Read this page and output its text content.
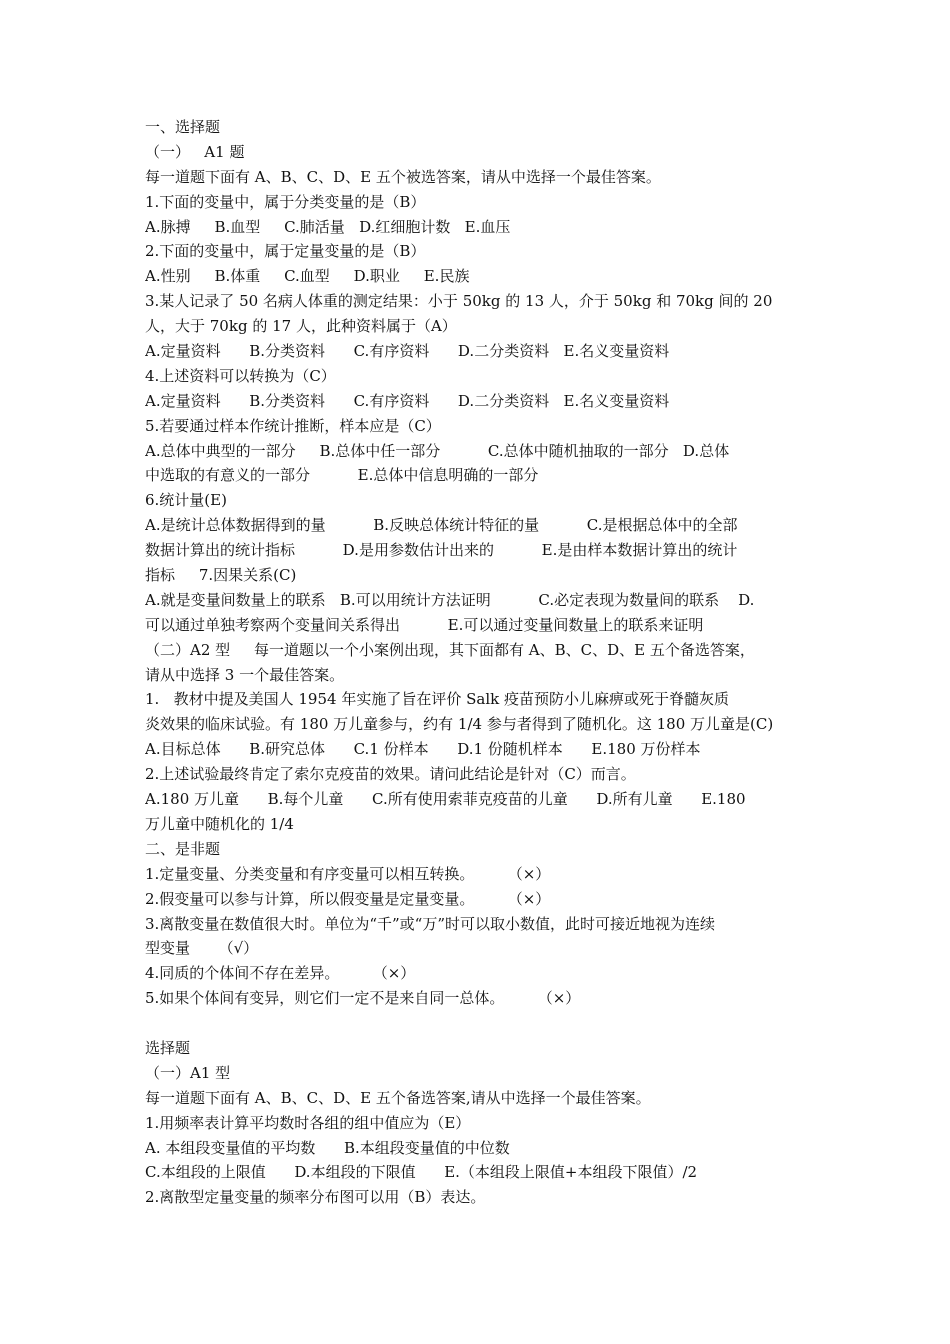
一、选择题
（一）   A1 题
每一道题下面有 A、B、C、D、E 五个被选答案，请从中选择一个最佳答案。
1.下面的变量中，属于分类变量的是（B）
A.脉搏     B.血型     C.肺活量   D.红细胞计数   E.血压
2.下面的变量中，属于定量变量的是（B）
A.性别     B.体重     C.血型     D.职业     E.民族
3.某人记录了 50 名病人体重的测定结果：小于 50kg 的 13 人，介于 50kg 和 70kg 间的 20
人，大于 70kg 的 17 人，此种资料属于（A）
A.定量资料      B.分类资料      C.有序资料      D.二分类资料   E.名义变量资料
4.上述资料可以转换为（C）
A.定量资料      B.分类资料      C.有序资料      D.二分类资料   E.名义变量资料
5.若要通过样本作统计推断，样本应是（C）
A.总体中典型的一部分     B.总体中任一部分          C.总体中随机抽取的一部分   D.总体
中选取的有意义的一部分          E.总体中信息明确的一部分
6.统计量(E)
A.是统计总体数据得到的量          B.反映总体统计特征的量          C.是根据总体中的全部
数据计算出的统计指标          D.是用参数估计出来的          E.是由样本数据计算出的统计
指标     7.因果关系(C)
A.就是变量间数量上的联系   B.可以用统计方法证明          C.必定表现为数量间的联系    D.
可以通过单独考察两个变量间关系得出          E.可以通过变量间数量上的联系来证明
（二）A2 型     每一道题以一个小案例出现，其下面都有 A、B、C、D、E 五个备选答案，
请从中选择 3 一个最佳答案。
1.   教材中提及美国人 1954 年实施了旨在评价 Salk 疫苗预防小儿麻痹或死于脊髓灰质
炎效果的临床试验。有 180 万儿童参与，约有 1/4 参与者得到了随机化。这 180 万儿童是(C)
A.目标总体      B.研究总体      C.1 份样本      D.1 份随机样本      E.180 万份样本
2.上述试验最终肯定了索尔克疫苗的效果。请问此结论是针对（C）而言。
A.180 万儿童      B.每个儿童      C.所有使用索菲克疫苗的儿童      D.所有儿童      E.180
万儿童中随机化的 1/4
二、是非题
1.定量变量、分类变量和有序变量可以相互转换。       （×）
2.假变量可以参与计算，所以假变量是定量变量。       （×）
3.离散变量在数值很大时。单位为“千”或“万”时可以取小数值，此时可接近地视为连续
型变量      （√）
4.同质的个体间不存在差异。       （×）
5.如果个体间有变异，则它们一定不是来自同一总体。       （×）
选择题
（一）A1 型
每一道题下面有 A、B、C、D、E 五个备选答案,请从中选择一个最佳答案。
1.用频率表计算平均数时各组的组中值应为（E）
A. 本组段变量值的平均数      B.本组段变量值的中位数
C.本组段的上限值      D.本组段的下限值      E.（本组段上限值+本组段下限值）/2
2.离散型定量变量的频率分布图可以用（B）表达。
